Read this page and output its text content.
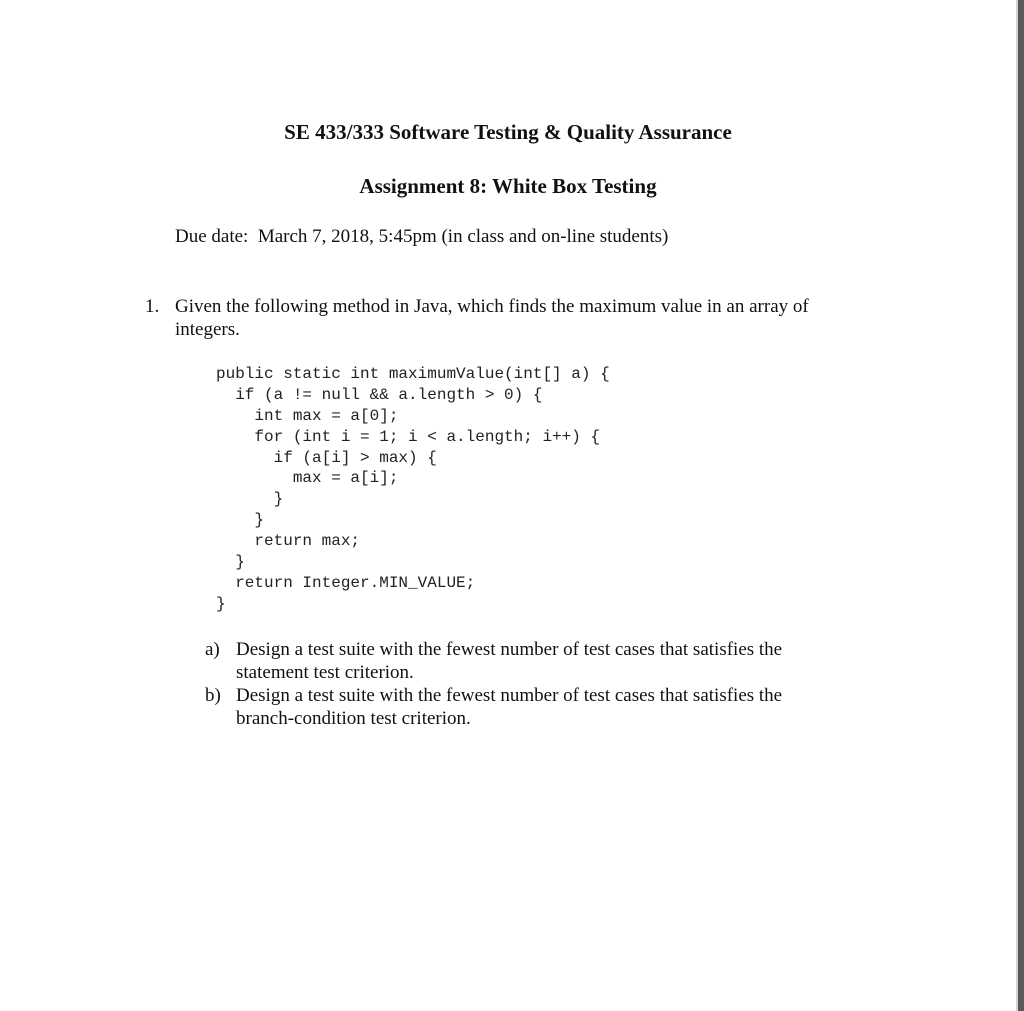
SE 433/333 Software Testing & Quality Assurance
Assignment 8: White Box Testing
Due date:  March 7, 2018, 5:45pm (in class and on-line students)
1. Given the following method in Java, which finds the maximum value in an array of integers.
public static int maximumValue(int[] a) {
if (a != null && a.length > 0) {
int max = a[0];
for (int i = 1; i < a.length; i++) {
if (a[i] > max) {
max = a[i];
}
}
return max;
}
return Integer.MIN_VALUE;
}
a) Design a test suite with the fewest number of test cases that satisfies the statement test criterion.
b) Design a test suite with the fewest number of test cases that satisfies the branch-condition test criterion.
